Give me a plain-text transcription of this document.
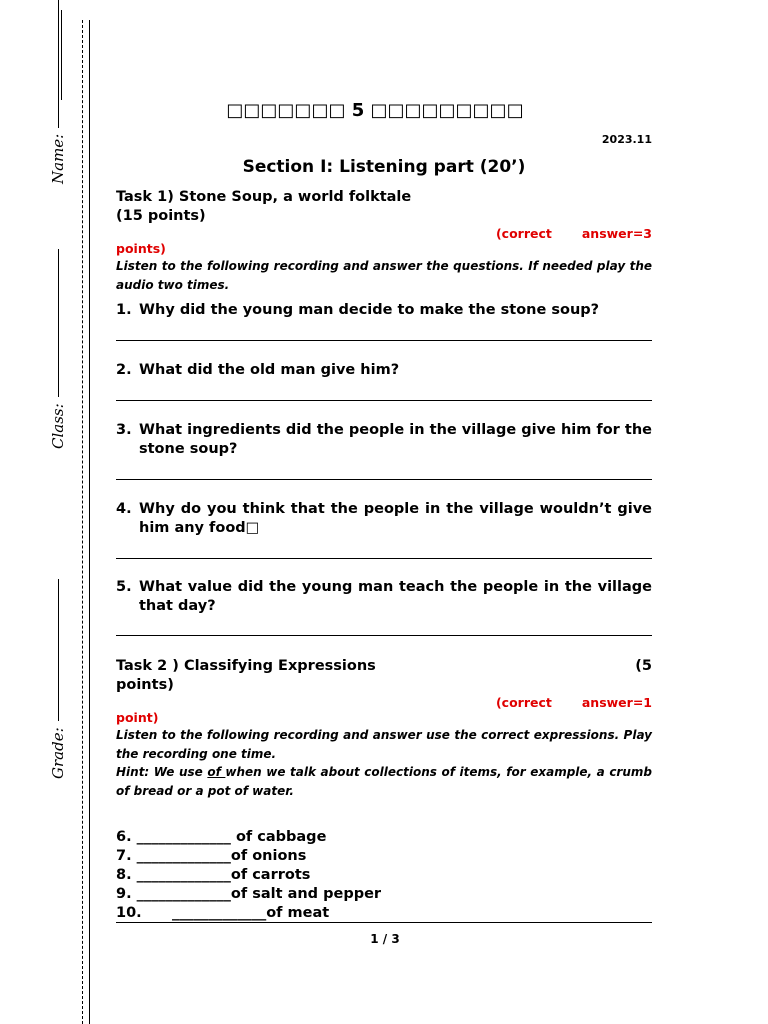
Name:
Class:
Grade:
□□□□□□□ 5 □□□□□□□□□
2023.11
Section I: Listening part (20’)
Task 1) Stone Soup, a world folktale
(15 points)
(correct answer=3
points)
Listen to the following recording and answer the questions. If needed play the audio two times.
1. Why did the young man decide to make the stone soup?
2. What did the old man give him?
3. What ingredients did the people in the village give him for the stone soup?
4. Why do you think that the people in the village wouldn’t give him any food□
5. What value did the young man teach the people in the village that day?
Task 2 ) Classifying Expressions	(5
points)
(correct answer=1
point)
Listen to the following recording and answer use the correct expressions. Play the recording one time.
Hint: We use of when we talk about collections of items, for example, a crumb of bread or a pot of water.
6. _____________ of cabbage
7. _____________of onions
8. _____________of carrots
9. _____________of salt and pepper
10.      _____________of meat
1 / 3
